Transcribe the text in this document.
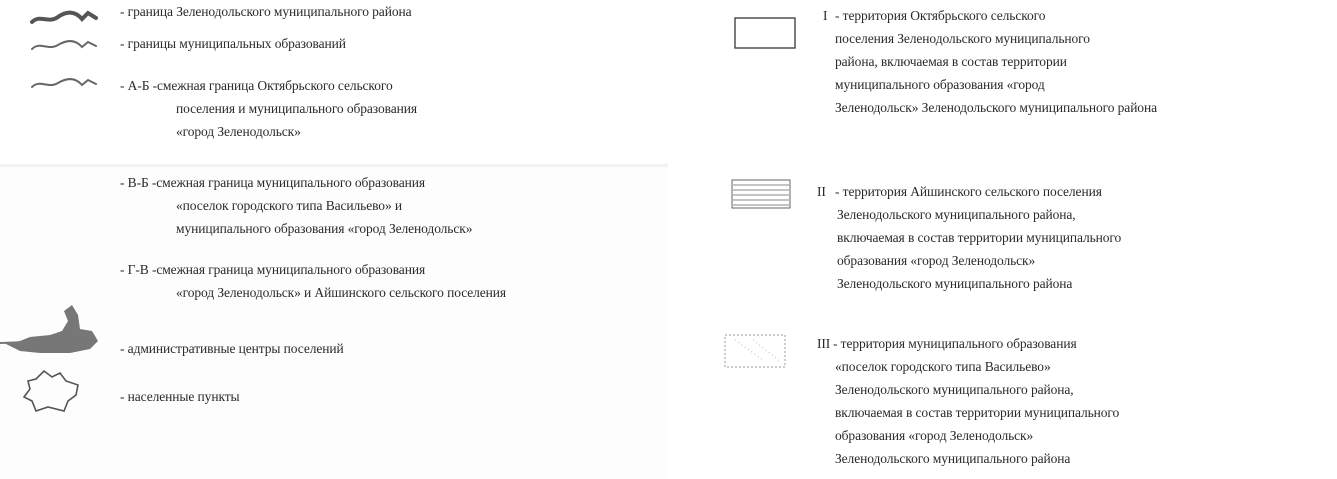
- граница Зеленодольского муниципального района
- границы муниципальных образований
- А-Б -смежная граница Октябрьского сельского
поселения и муниципального образования
«город Зеленодольск»
- В-Б -смежная граница муниципального образования
«поселок городского типа Васильево» и
муниципального образования «город Зеленодольск»
- Г-В -смежная граница муниципального образования
«город Зеленодольск» и Айшинского сельского поселения
- административные центры поселений
- населенные пункты
I - территория Октябрьского сельского
поселения Зеленодольского муниципального
района, включаемая в состав территории
муниципального образования «город
Зеленодольск» Зеленодольского муниципального района
II - территория Айшинского сельского поселения
Зеленодольского муниципального района,
включаемая в состав территории муниципального
образования «город Зеленодольск»
Зеленодольского муниципального района
III - территория муниципального образования
«поселок городского типа Васильево»
Зеленодольского муниципального района,
включаемая в состав территории муниципального
образования «город Зеленодольск»
Зеленодольского муниципального района
